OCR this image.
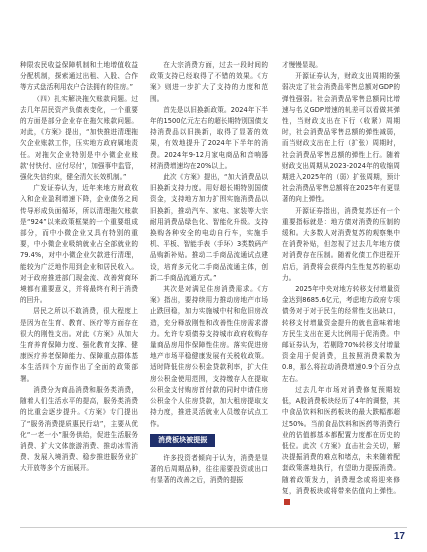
种限农民收益保障机制和土地增值收益分配机制，探索通过出租、入股、合作等方式盘活利用农户合法拥有的住房。”

（四）扎实解决拖欠账款问题。过去几年居民资产负债表变化，一个重要的方面是部分企业存在拖欠账款问题。对此，《方案》提出，“加快推进清理拖欠企业账款工作，压实地方政府属地责任。对拖欠企业特别是中小微企业账款‘付快付、应付尽付’，加强事中监管，强化失信约束，健全清欠长效机制。”

广发证券认为，近年来地方财政收入和企业盈利增速下降，企业债务之间传导形成负面循环，所以清理拖欠账款是“924”以来政策框架的一个重要组成部分，而中小微企业又具有特别的重要，中小微企业吸纳就业占全部就业的79.4%，对中小微企业欠款进行清理，能较为广泛地作用到企业和居民收入。对于政府推进部门现金流、改善营商环境都有重要意义，并将最终有利于消费的回升。

居民之所以不敢消费，很大程度上是因为在生育、教育、医疗等方面存在很大的刚性支出。对此《方案》从加大生育养育保障力度、强化教育支撑、健康医疗养老保障能力、保障重点群体基本生活四个方面作出了全面的政策部署。

消费分为商品消费和服务类消费，随着人们生活水平的提高，服务类消费的比重会逐步提升。《方案》专门提出了“服务消费提质惠民行动”，主要从优化“一老一小”服务供给，促进生活服务消费、扩大文体旅游消费、推动冰雪消费、发展入境消费、稳步推进服务业扩大开放等多个方面展开。

在大宗消费方面，过去一段时间的政策支持已经取得了不错的效果。《方案》则进一步扩大了支持的力度和范围。

首先是以旧换新政策。2024年下半年的1500亿元左右的超长期特别国债支持消费品以旧换新，取得了显著的效果，有效地提升了2024年下半年的消费。2024年9-12月家电商品和音响器材消费增速均在20%以上。

此次《方案》提出，“加大消费品以旧换新支持力度。用好超长期特别国债资金，支持地方加力扩围实施消费品以旧换新，推动汽车、家电、家装等大宗耐用消费品绿色化、智能化升级。支持换购各种安全的电动自行车，实施手机、平板、智能手表（手环）3类数码产品购新补贴。推动二手商品流通试点建设，培育多元化二手商品流通主体，创新二手商品流通方式。”

其次是对满足住房消费需求。《方案》指出，要持续用力推动房地产市场止跌回稳，加力实施城中村和危旧房改造，充分释放刚性和改善性住房需求潜力。允许专项债券支持城市政府收购存量商品房用作保障性住房。落实促进房地产市场平稳健康发展有关税收政策。适时降低住房公积金贷款利率，扩大住房公积金使用范围，支持缴存人在提取公积金支付购房首付款的同时申请住房公积金个人住房贷款，加大租房提取支持力度，推进灵活就业人员缴存试点工作。

消费板块被提振

许多投资者倾向于认为，消费是显著的后周期品种，往往需要投资或出口有显著的改善之后，消费的提振

才慢慢显现。

开源证券认为，财政支出周期的强弱决定了社会消费品零售总额对GDP的弹性强弱。社会消费品零售总额同比增速与名义GDP增速的轧差可以看做其弹性，当财政支出在下行（收紧）周期时，社会消费品零售总额的弹性减弱，而当财政支出在上行（扩张）周期时，社会消费品零售总额的弹性上行。随着财政支出周期从2023-2024年的收缩周期进入2025年的（弱）扩张周期，预计社会消费品零售总额将在2025年有更显著的向上弹性。

开源证券指出，消费复苏还有一个重要指标就是：地方债对消费的压制的缓和。大多数人对消费复苏的观察集中在消费补贴，但忽视了过去几年地方债对消费存在压制。随着化债工作进程开启后，消费将会获得内生性复苏的驱动力。

2025年中央对地方转移支付增量资金达到8685.6亿元，考虑地方政府专项债务对于对于民生的经常性支出缺口，转移支付增量资金提升的就也意味着地方民生支出在更大比例用于促消费。中邮证券认为，若剔除70%转移支付增量资金用于促消费，且按照消费乘数为0.8，那么将拉动消费增速0.9个百分点左右。

过去几年市场对消费修复预期较低，A股消费板块经历了4年的调整，其中食品饮料和医药板块的最大跌幅都超过50%。当前食品饮料和医药等消费行业的估值都基本都配置力度都在历史的低位。此次《方案》直击社会关切，解决提振消费的难点和堵点，未来随着配套政策落地执行，有望助力提振消费。随着政策发力，消费理念或将迎来修复，消费板块或将带来估值向上弹性。

17
